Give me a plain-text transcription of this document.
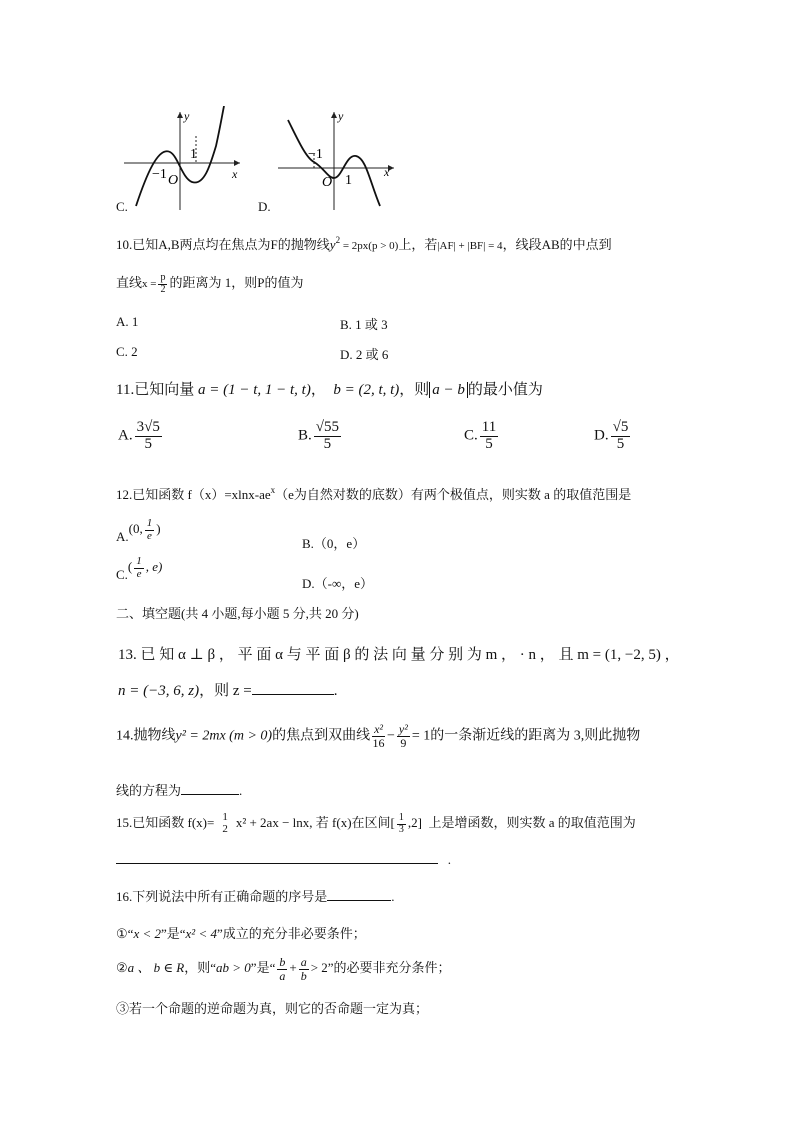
y
x
O
1
−1
C.
y
x
O 1
−1
D.
10.已知A,B两点均在焦点为F的抛物线$y^2 = 2px(p > 0)$上，若|AF| + |BF| = 4，线段AB的中点到
直线$x = \frac{p}{2}$ 的距离为 1，则P的值为
A. 1	B. 1 或 3
C. 2	D. 2 或 6
11.已知向量 a = (1 − t, 1 − t, t)， b = (2, t, t)，则 a − b 的最小值为
A. $\frac{3√5}{5}$	B. $\frac{√55}{5}$	C. $\frac{11}{5}$	D. $\frac{√5}{5}$
12.已知函数 $f(x)=xlnx-ae^x(e$为自然对数的底数）有两个极值点，则实数 a 的取值范围是
A.(0, $\frac{1}{e}$ )
B.（0，e）
$C.( \frac{1}{e}$ , e)
D.（-∞，e）
二、填空题(共 4 小题,每小题 5 分,共 20 分)
13. 已 知 α ⊥ β ， 平 面 α 与 平 面 β 的 法 向 量 分 别 为 m ， · n ， 且 m = (1, −2, 5) ，
n = (−3, 6, z)，则 z =	.
14.抛物线y² = 2mx (m > 0)的焦点到双曲线 $\frac{\text{x²}}{16} - \frac{\text{y²}}{9} = 1$的一条渐近线的距离为 3,则此抛物
线的方程为	.
15.已知函数 f(x)= 1
2 x² + 2ax − lnx, 若 f(x)在区间[ $\frac{1}{3} ,2$] 上是增函数，则实数 a 的取值范围为
.
16.下列说法中所有正确命题的序号是	.
①“x < 2”是“x² < 4”成立的充分非必要条件；
②a 、 b ∈ R，则“ab > 0”是“ $\frac{b}{a} + \frac{a}{b} > 2$”的必要非充分条件；
③若一个命题的逆命题为真，则它的否命题一定为真；
